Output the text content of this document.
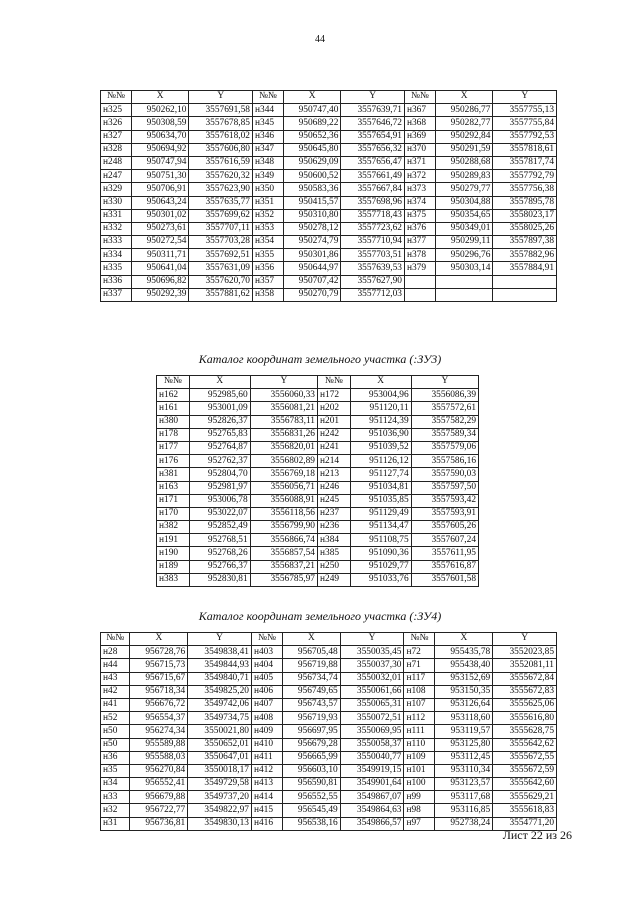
44
№№	X	Y	№№	X	Y	№№	X	Y
н325	950262,10	3557691,58	н344	950747,40	3557639,71	н367	950286,77	3557755,13
н326	950308,59	3557678,85	н345	950689,22	3557646,72	н368	950282,77	3557755,84
н327	950634,70	3557618,02	н346	950652,36	3557654,91	н369	950292,84	3557792,53
н328	950694,92	3557606,80	н347	950645,80	3557656,32	н370	950291,59	3557818,61
н248	950747,94	3557616,59	н348	950629,09	3557656,47	н371	950288,68	3557817,74
н247	950751,30	3557620,32	н349	950600,52	3557661,49	н372	950289,83	3557792,79
н329	950706,91	3557623,90	н350	950583,36	3557667,84	н373	950279,77	3557756,38
н330	950643,24	3557635,77	н351	950415,57	3557698,96	н374	950304,88	3557895,78
н331	950301,02	3557699,62	н352	950310,80	3557718,43	н375	950354,65	3558023,17
н332	950273,61	3557707,11	н353	950278,12	3557723,62	н376	950349,01	3558025,26
н333	950272,54	3557703,28	н354	950274,79	3557710,94	н377	950299,11	3557897,38
н334	950311,71	3557692,51	н355	950301,86	3557703,51	н378	950296,76	3557882,96
н335	950641,04	3557631,09	н356	950644,97	3557639,53	н379	950303,14	3557884,91
н336	950696,82	3557620,70	н357	950707,42	3557627,90			
н337	950292,39	3557881,62	н358	950270,79	3557712,03			
Каталог координат земельного участка (:ЗУ3)
№№	X	Y	№№	X	Y
н162	952985,60	3556060,33	н172	953004,96	3556086,39
н161	953001,09	3556081,21	н202	951120,11	3557572,61
н380	952826,37	3556783,11	н201	951124,39	3557582,29
н178	952765,83	3556831,26	н242	951036,90	3557589,34
н177	952764,87	3556820,01	н241	951039,52	3557579,06
н176	952762,37	3556802,89	н214	951126,12	3557586,16
н381	952804,70	3556769,18	н213	951127,74	3557590,03
н163	952981,97	3556056,71	н246	951034,81	3557597,50
н171	953006,78	3556088,91	н245	951035,85	3557593,42
н170	953022,07	3556118,56	н237	951129,49	3557593,91
н382	952852,49	3556799,90	н236	951134,47	3557605,26
н191	952768,51	3556866,74	н384	951108,75	3557607,24
н190	952768,26	3556857,54	н385	951090,36	3557611,95
н189	952766,37	3556837,21	н250	951029,77	3557616,87
н383	952830,81	3556785,97	н249	951033,76	3557601,58
Каталог координат земельного участка (:ЗУ4)
№№	X	Y	№№	X	Y	№№	X	Y
н28	956728,76	3549838,41	н403	956705,48	3550035,45	н72	955435,78	3552023,85
н44	956715,73	3549844,93	н404	956719,88	3550037,30	н71	955438,40	3552081,11
н43	956715,67	3549840,71	н405	956734,74	3550032,01	н117	953152,69	3555672,84
н42	956718,34	3549825,20	н406	956749,65	3550061,66	н108	953150,35	3555672,83
н41	956676,72	3549742,06	н407	956743,57	3550065,31	н107	953126,64	3555625,06
н52	956554,37	3549734,75	н408	956719,93	3550072,51	н112	953118,60	3555616,80
н50	956274,34	3550021,80	н409	956697,95	3550069,95	н111	953119,57	3555628,75
н50	955589,88	3550652,01	н410	956679,28	3550058,37	н110	953125,80	3555642,62
н36	955588,03	3550647,01	н411	956665,99	3550040,77	н109	953112,45	3555672,55
н35	956270,84	3550018,17	н412	956603,10	3549919,15	н101	953110,34	3555672,59
н34	956552,41	3549729,58	н413	956590,81	3549901,64	н100	953123,57	3555642,60
н33	956679,88	3549737,20	н414	956552,55	3549867,07	н99	953117,68	3555629,21
н32	956722,77	3549822,97	н415	956545,49	3549864,63	н98	953116,85	3555618,83
н31	956736,81	3549830,13	н416	956538,16	3549866,57	н97	952738,24	3554771,20
Лист 22 из 26
